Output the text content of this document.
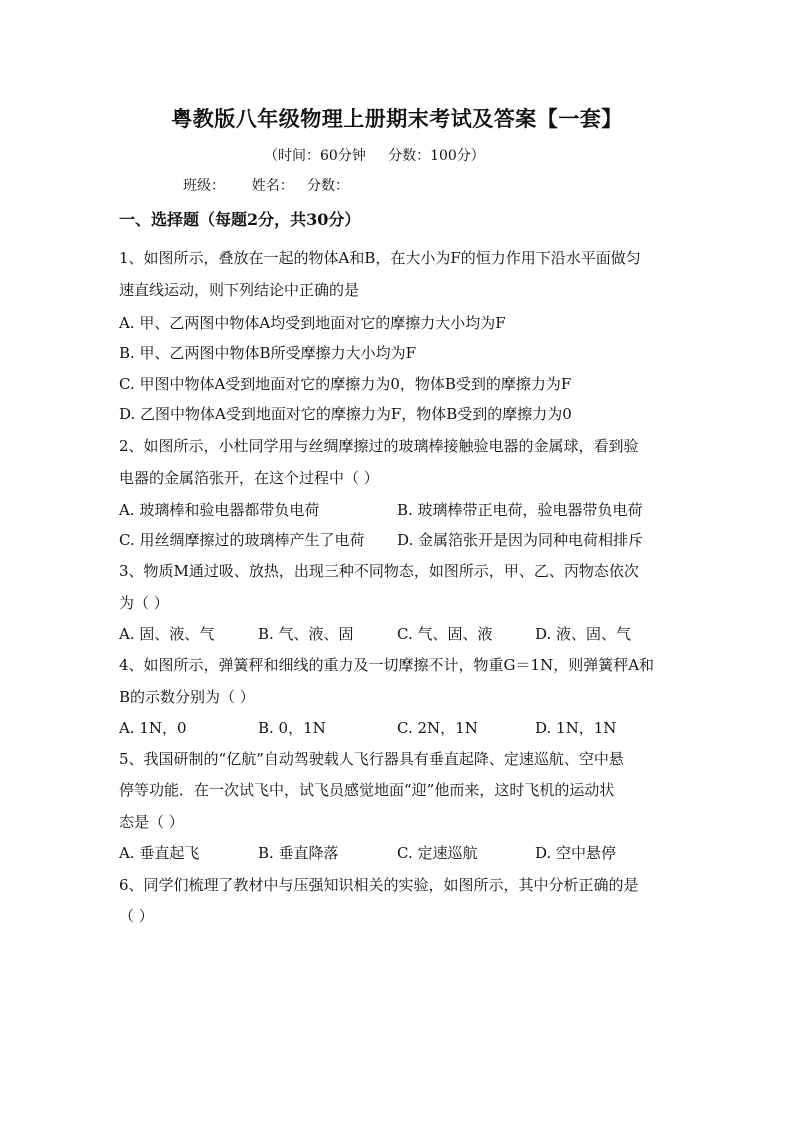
粤教版八年级物理上册期末考试及答案【一套】
（时间：60分钟     分数：100分）
班级：      姓名：   分数：
一、选择题（每题2分，共30分）
1、如图所示，叠放在一起的物体A和B，在大小为F的恒力作用下沿水平面做匀
速直线运动，则下列结论中正确的是
A. 甲、乙两图中物体A均受到地面对它的摩擦力大小均为F
B. 甲、乙两图中物体B所受摩擦力大小均为F
C. 甲图中物体A受到地面对它的摩擦力为0，物体B受到的摩擦力为F
D. 乙图中物体A受到地面对它的摩擦力为F，物体B受到的摩擦力为0
2、如图所示，小杜同学用与丝绸摩擦过的玻璃棒接触验电器的金属球，看到验
电器的金属箔张开，在这个过程中（ ）
A. 玻璃棒和验电器都带负电荷	B. 玻璃棒带正电荷，验电器带负电荷
C. 用丝绸摩擦过的玻璃棒产生了电荷 D. 金属箔张开是因为同种电荷相排斥
3、物质M通过吸、放热，出现三种不同物态，如图所示，甲、乙、丙物态依次
为（ ）
A. 固、液、气	B. 气、液、固	C. 气、固、液	D. 液、固、气
4、如图所示，弹簧秤和细线的重力及一切摩擦不计，物重G＝1N，则弹簧秤A和
B的示数分别为（ ）
A. 1N，0	B. 0，1N	C. 2N，1N	D. 1N，1N
5、我国研制的“亿航”自动驾驶载人飞行器具有垂直起降、定速巡航、空中悬
停等功能．在一次试飞中，试飞员感觉地面“迎”他而来，这时飞机的运动状
态是（ ）
A. 垂直起飞	B. 垂直降落	C. 定速巡航	D. 空中悬停
6、同学们梳理了教材中与压强知识相关的实验，如图所示，其中分析正确的是
（ ）
